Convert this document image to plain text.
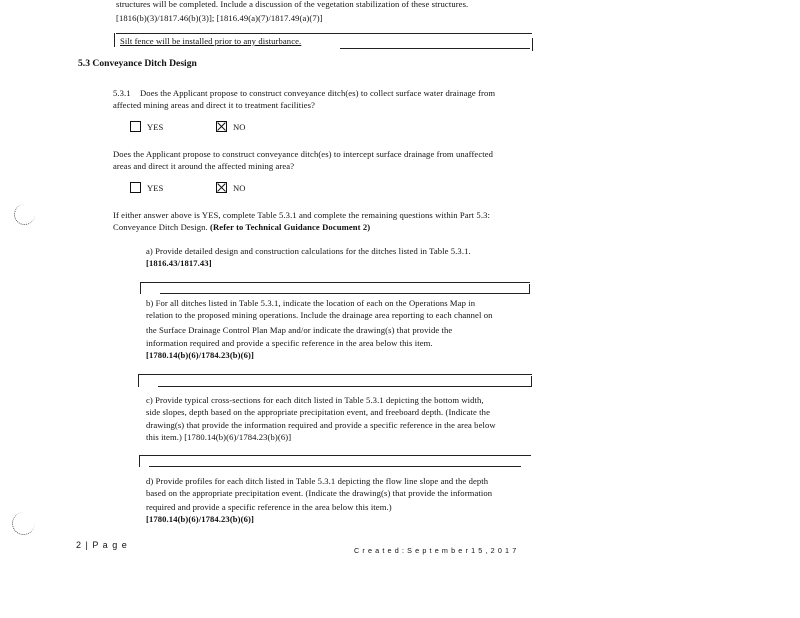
structures will be completed. Include a discussion of the vegetation stabilization of these structures.
[1816(b)(3)/1817.46(b)(3)]; [1816.49(a)(7)/1817.49(a)(7)]
Silt fence will be installed prior to any disturbance.
5.3 Conveyance Ditch Design
5.3.1 Does the Applicant propose to construct conveyance ditch(es) to collect surface water drainage from
affected mining areas and direct it to treatment facilities?
YES	NO
Does the Applicant propose to construct conveyance ditch(es) to intercept surface drainage from unaffected
areas and direct it around the affected mining area?
YES	NO
If either answer above is YES, complete Table 5.3.1 and complete the remaining questions within Part 5.3:
Conveyance Ditch Design. (Refer to Technical Guidance Document 2)
a) Provide detailed design and construction calculations for the ditches listed in Table 5.3.1.
[1816.43/1817.43]
b) For all ditches listed in Table 5.3.1, indicate the location of each on the Operations Map in
relation to the proposed mining operations. Include the drainage area reporting to each channel on
the Surface Drainage Control Plan Map and/or indicate the drawing(s) that provide the
information required and provide a specific reference in the area below this item.
[1780.14(b)(6)/1784.23(b)(6)]
c) Provide typical cross-sections for each ditch listed in Table 5.3.1 depicting the bottom width,
side slopes, depth based on the appropriate precipitation event, and freeboard depth. (Indicate the
drawing(s) that provide the information required and provide a specific reference in the area below
this item.) [1780.14(b)(6)/1784.23(b)(6)]
d) Provide profiles for each ditch listed in Table 5.3.1 depicting the flow line slope and the depth
based on the appropriate precipitation event. (Indicate the drawing(s) that provide the information
required and provide a specific reference in the area below this item.)
[1780.14(b)(6)/1784.23(b)(6)]
2 | P a g e
C r e a t e d : S e p t e m b e r 1 5 , 2 0 1 7
